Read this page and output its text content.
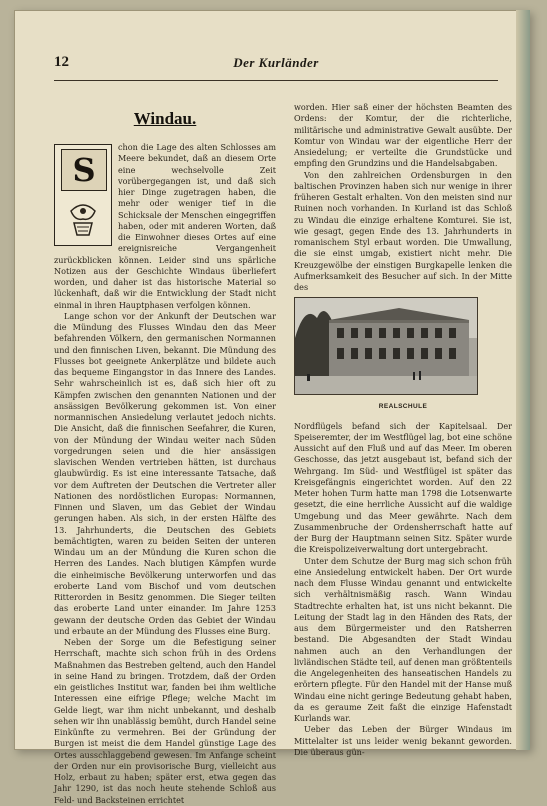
12	Der Kurländer
Windau.
S

chon die Lage des alten Schlosses am Meere bekundet, daß an diesem Orte eine wechselvolle Zeit vorübergegangen ist, und daß sich hier Dinge zugetragen haben, die mehr oder weniger tief in die Schicksale der Menschen eingegriffen haben, oder mit anderen Worten, daß die Einwohner dieses Ortes auf eine ereignisreiche Vergangenheit zurückblicken können. Leider sind uns spärliche Notizen aus der Geschichte Windaus überliefert worden, und daher ist das historische Material so lückenhaft, daß wir die Entwicklung der Stadt nicht einmal in ihren Hauptphasen verfolgen können.

Lange schon vor der Ankunft der Deutschen war die Mündung des Flusses Windau den das Meer befahrenden Völkern, den germanischen Normannen und den finnischen Liven, bekannt. Die Mündung des Flusses bot geeignete Ankerplätze und bildete auch das bequeme Eingangstor in das Innere des Landes. Sehr wahrscheinlich ist es, daß sich hier oft zu Kämpfen zwischen den genannten Nationen und der ansässigen Bevölkerung gekommen ist. Von einer normannischen Ansiedelung verlautet jedoch nichts. Die Ansicht, daß die finnischen Seefahrer, die Kuren, von der Mündung der Windau weiter nach Süden vorgedrungen seien und die hier ansässigen slavischen Wenden vertrieben hätten, ist durchaus glaubwürdig. Es ist eine interessante Tatsache, daß vor dem Auftreten der Deutschen die Vertreter aller Nationen des nordöstlichen Europas: Normannen, Finnen und Slaven, um das Gebiet der Windau gerungen haben. Als sich, in der ersten Hälfte des 13. Jahrhunderts, die Deutschen des Gebiets bemächtigten, waren zu beiden Seiten der unteren Windau um an der Mündung die Kuren schon die Herren des Landes. Nach blutigen Kämpfen wurde die einheimische Bevölkerung unterworfen und das eroberte Land vom Bischof und vom deutschen Ritterorden in Besitz genommen. Die Sieger teilten das eroberte Land unter einander. Im Jahre 1253 gewann der deutsche Orden das Gebiet der Windau und erbaute an der Mündung des Flusses eine Burg.

Neben der Sorge um die Befestigung seiner Herrschaft, machte sich schon früh in des Ordens Maßnahmen das Bestreben geltend, auch den Handel in seine Hand zu bringen. Trotzdem, daß der Orden ein geistliches Institut war, fanden bei ihm weltliche Interessen eine eifrige Pflege; welche Macht im Gelde liegt, war ihm nicht unbekannt, und deshalb sehen wir ihn unablässig bemüht, durch Handel seine Einkünfte zu vermehren. Bei der Gründung der Burgen ist meist die dem Handel günstige Lage des Ortes ausschlaggebend gewesen. Im Anfange scheint der Orden nur ein provisorische Burg, vielleicht aus Holz, erbaut zu haben; später erst, etwa gegen das Jahr 1290, ist das noch heute stehende Schloß aus Feld- und Backsteinen errichtet

worden. Hier saß einer der höchsten Beamten des Ordens: der Komtur, der die richterliche, militärische und administrative Gewalt ausübte. Der Komtur von Windau war der eigentliche Herr der Ansiedelung; er verteilte die Grundstücke und empfing den Grundzins und die Handelsabgaben.

Von den zahlreichen Ordensburgen in den baltischen Provinzen haben sich nur wenige in ihrer früheren Gestalt erhalten. Von den meisten sind nur Ruinen noch vorhanden. In Kurland ist das Schloß zu Windau die einzige erhaltene Komturei. Sie ist, wie gesagt, gegen Ende des 13. Jahrhunderts in romanischem Styl erbaut worden. Die Umwallung, die sie einst umgab, existiert nicht mehr. Die Kreuzgewölbe der einstigen Burgkapelle lenken die Aufmerksamkeit des Besucher auf sich. In der Mitte des

REALSCHULE

Nordflügels befand sich der Kapitelsaal. Der Speiseremter, der im Westflügel lag, bot eine schöne Aussicht auf den Fluß und auf das Meer. Im oberen Geschosse, das jetzt ausgebaut ist, befand sich der Wehrgang. Im Süd- und Westflügel ist später das Kreisgefängnis eingerichtet worden. Auf den 22 Meter hohen Turm hatte man 1798 die Lotsenwarte gesetzt, die eine herrliche Aussicht auf die waldige Umgebung und das Meer gewährte. Nach dem Zusammenbruche der Ordensherrschaft hatte auf der Burg der Hauptmann seinen Sitz. Später wurde die Kreispolizeiverwaltung dort untergebracht.

Unter dem Schutze der Burg mag sich schon früh eine Ansiedelung entwickelt haben. Der Ort wurde nach dem Flusse Windau genannt und entwickelte sich verhältnismäßig rasch. Wann Windau Stadtrechte erhalten hat, ist uns nicht bekannt. Die Leitung der Stadt lag in den Händen des Rats, der aus dem Bürgermeister und den Ratsherren bestand. Die Abgesandten der Stadt Windau nahmen auch an den Verhandlungen der livländischen Städte teil, auf denen man größtenteils die Angelegenheiten des hanseatischen Handels zu erörtern pflegte. Für den Handel mit der Hanse muß Windau eine nicht geringe Bedeutung gehabt haben, da es geraume Zeit faßt die einzige Hafenstadt Kurlands war.

Ueber das Leben der Bürger Windaus im Mittelalter ist uns leider wenig bekannt geworden. Die überaus gün-
